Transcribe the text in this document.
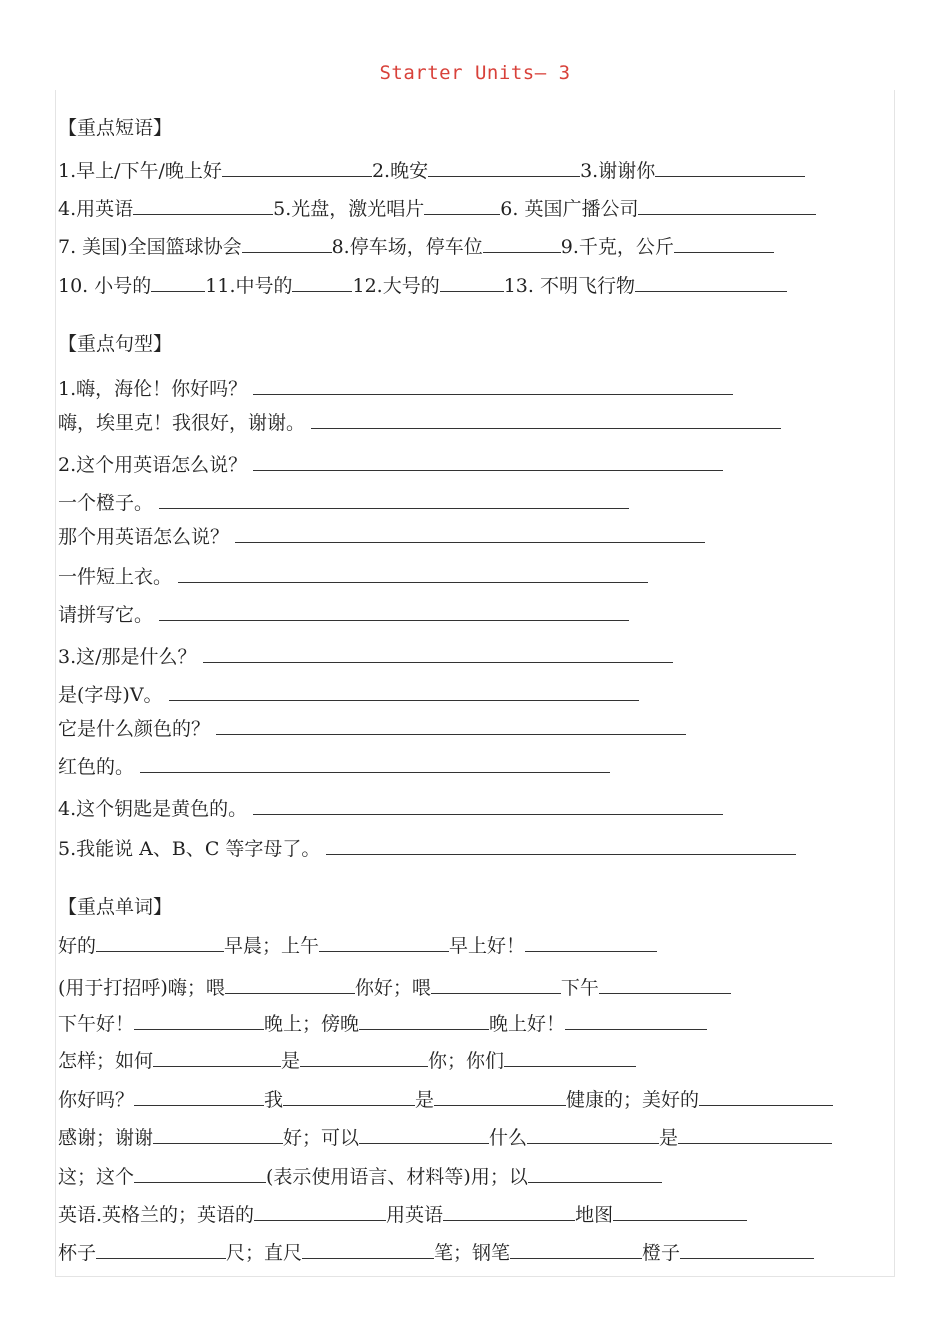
Starter Units— 3
【重点短语】
1.早上/下午/晚上好	2.晚安	3.谢谢你
4.用英语	5.光盘，激光唱片	6. 英国广播公司
7. 美国)全国篮球协会	8.停车场，停车位	9.千克，公斤
10. 小号的	11.中号的	12.大号的	13. 不明飞行物
【重点句型】
1.嗨，海伦！你好吗？
嗨，埃里克！我很好，谢谢。
2.这个用英语怎么说？
一个橙子。
那个用英语怎么说？
一件短上衣。
请拼写它。
3.这/那是什么？
是(字母)V。
它是什么颜色的？
红色的。
4.这个钥匙是黄色的。
5.我能说 A、B、C 等字母了。
【重点单词】
好的	早晨；上午	早上好！
(用于打招呼)嗨；喂	你好；喂	下午
下午好！	晚上；傍晚	晚上好！
怎样；如何	是	你；你们
你好吗？	我	是	健康的；美好的
感谢；谢谢	好；可以	什么	是
这；这个	(表示使用语言、材料等)用；以
英语.英格兰的；英语的	用英语	地图
杯子	尺；直尺	笔；钢笔	橙子
